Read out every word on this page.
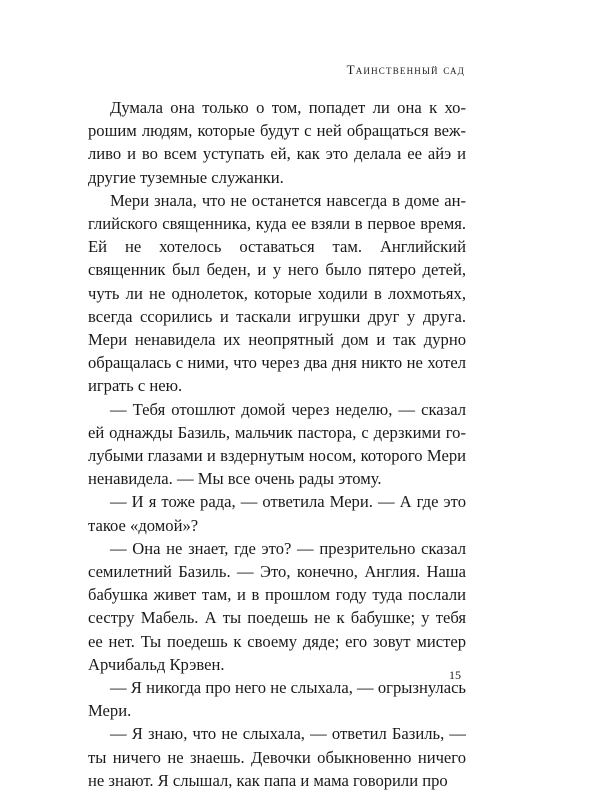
Таинственный сад

Думала она только о том, попадет ли она к хорошим людям, которые будут с ней обращаться вежливо и во всем уступать ей, как это делала ее айэ и другие туземные служанки.

Мери знала, что не останется навсегда в доме английского священника, куда ее взяли в первое время. Ей не хотелось оставаться там. Английский священник был беден, и у него было пятеро детей, чуть ли не однолеток, которые ходили в лохмотьях, всегда ссорились и таскали игрушки друг у друга. Мери ненавидела их неопрятный дом и так дурно обращалась с ними, что через два дня никто не хотел играть с нею.

— Тебя отошлют домой через неделю, — сказал ей однажды Базиль, мальчик пастора, с дерзкими голубыми глазами и вздернутым носом, которого Мери ненавидела. — Мы все очень рады этому.

— И я тоже рада, — ответила Мери. — А где это такое «домой»?

— Она не знает, где это? — презрительно сказал семилетний Базиль. — Это, конечно, Англия. Наша бабушка живет там, и в прошлом году туда послали сестру Мабель. А ты поедешь не к бабушке; у тебя ее нет. Ты поедешь к своему дяде; его зовут мистер Арчибальд Крэвен.

— Я никогда про него не слыхала, — огрызнулась Мери.

— Я знаю, что не слыхала, — ответил Базиль, — ты ничего не знаешь. Девочки обыкновенно ничего не знают. Я слышал, как папа и мама говорили про

15
